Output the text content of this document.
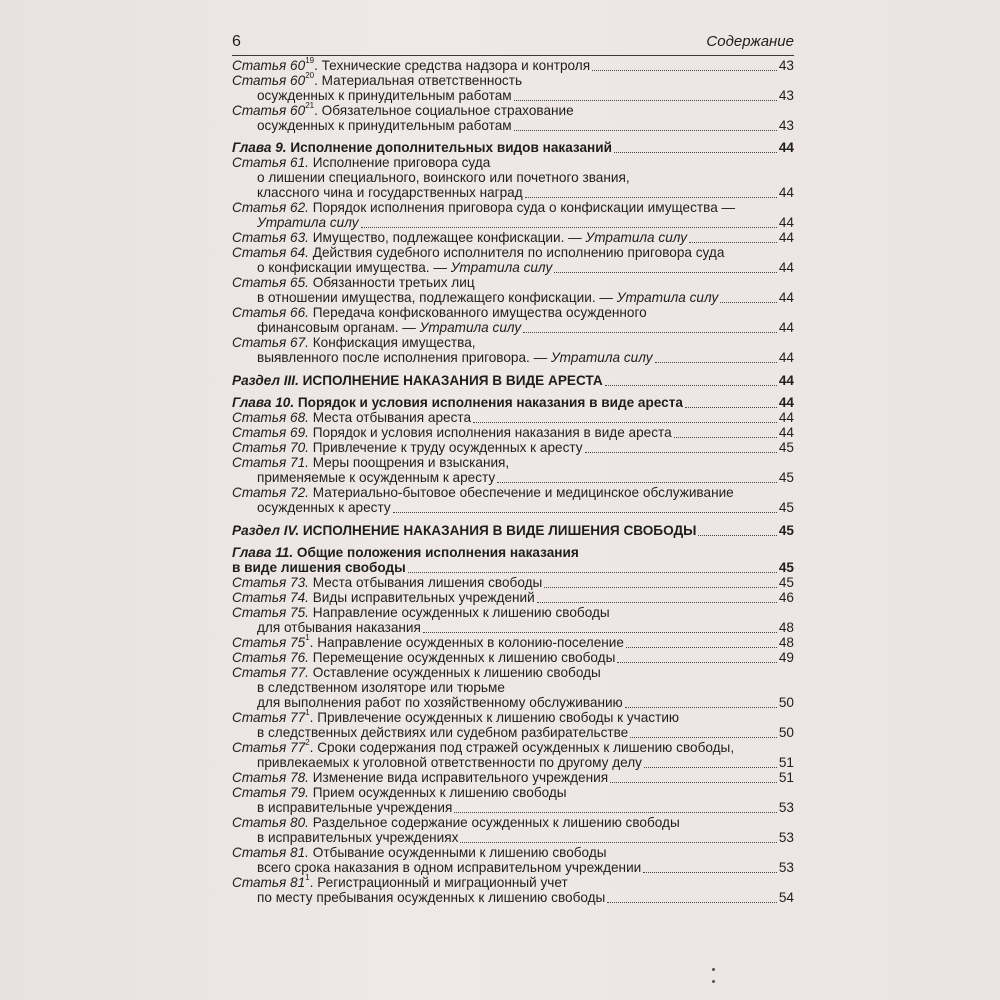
6	Содержание
Статья $60^{19}$. Технические средства надзора и контроля	43
Статья $60^{20}$. Материальная ответственность
осужденных к принудительным работам	43
Статья $60^{21}$. Обязательное социальное страхование
осужденных к принудительным работам	43
Глава 9. Исполнение дополнительных видов наказаний	44
Статья 61. Исполнение приговора суда
о лишении специального, воинского или почетного звания,
классного чина и государственных наград	44
Статья 62. Порядок исполнения приговора суда о конфискации имущества —
Утратила силу	44
Статья 63. Имущество, подлежащее конфискации. — Утратила силу	44
Статья 64. Действия судебного исполнителя по исполнению приговора суда
о конфискации имущества. — Утратила силу	44
Статья 65. Обязанности третьих лиц
в отношении имущества, подлежащего конфискации. — Утратила силу	44
Статья 66. Передача конфискованного имущества осужденного
финансовым органам. — Утратила силу	44
Статья 67. Конфискация имущества,
выявленного после исполнения приговора. — Утратила силу	44
Раздел III. ИСПОЛНЕНИЕ НАКАЗАНИЯ В ВИДЕ АРЕСТА	44
Глава 10. Порядок и условия исполнения наказания в виде ареста	44
Статья 68. Места отбывания ареста	44
Статья 69. Порядок и условия исполнения наказания в виде ареста	44
Статья 70. Привлечение к труду осужденных к аресту	45
Статья 71. Меры поощрения и взыскания,
применяемые к осужденным к аресту	45
Статья 72. Материально-бытовое обеспечение и медицинское обслуживание
осужденных к аресту	45
Раздел IV. ИСПОЛНЕНИЕ НАКАЗАНИЯ В ВИДЕ ЛИШЕНИЯ СВОБОДЫ	45
Глава 11. Общие положения исполнения наказания
в виде лишения свободы	45
Статья 73. Места отбывания лишения свободы	45
Статья 74. Виды исправительных учреждений	46
Статья 75. Направление осужденных к лишению свободы
для отбывания наказания	48
Статья $75^1$. Направление осужденных в колонию-поселение	48
Статья 76. Перемещение осужденных к лишению свободы	49
Статья 77. Оставление осужденных к лишению свободы
в следственном изоляторе или тюрьме
для выполнения работ по хозяйственному обслуживанию	50
Статья $77^1$. Привлечение осужденных к лишению свободы к участию
в следственных действиях или судебном разбирательстве	50
Статья $77^2$. Сроки содержания под стражей осужденных к лишению свободы,
привлекаемых к уголовной ответственности по другому делу	51
Статья 78. Изменение вида исправительного учреждения	51
Статья 79. Прием осужденных к лишению свободы
в исправительные учреждения	53
Статья 80. Раздельное содержание осужденных к лишению свободы
в исправительных учреждениях	53
Статья 81. Отбывание осужденными к лишению свободы
всего срока наказания в одном исправительном учреждении	53
Статья $81^1$. Регистрационный и миграционный учет
по месту пребывания осужденных к лишению свободы	54
